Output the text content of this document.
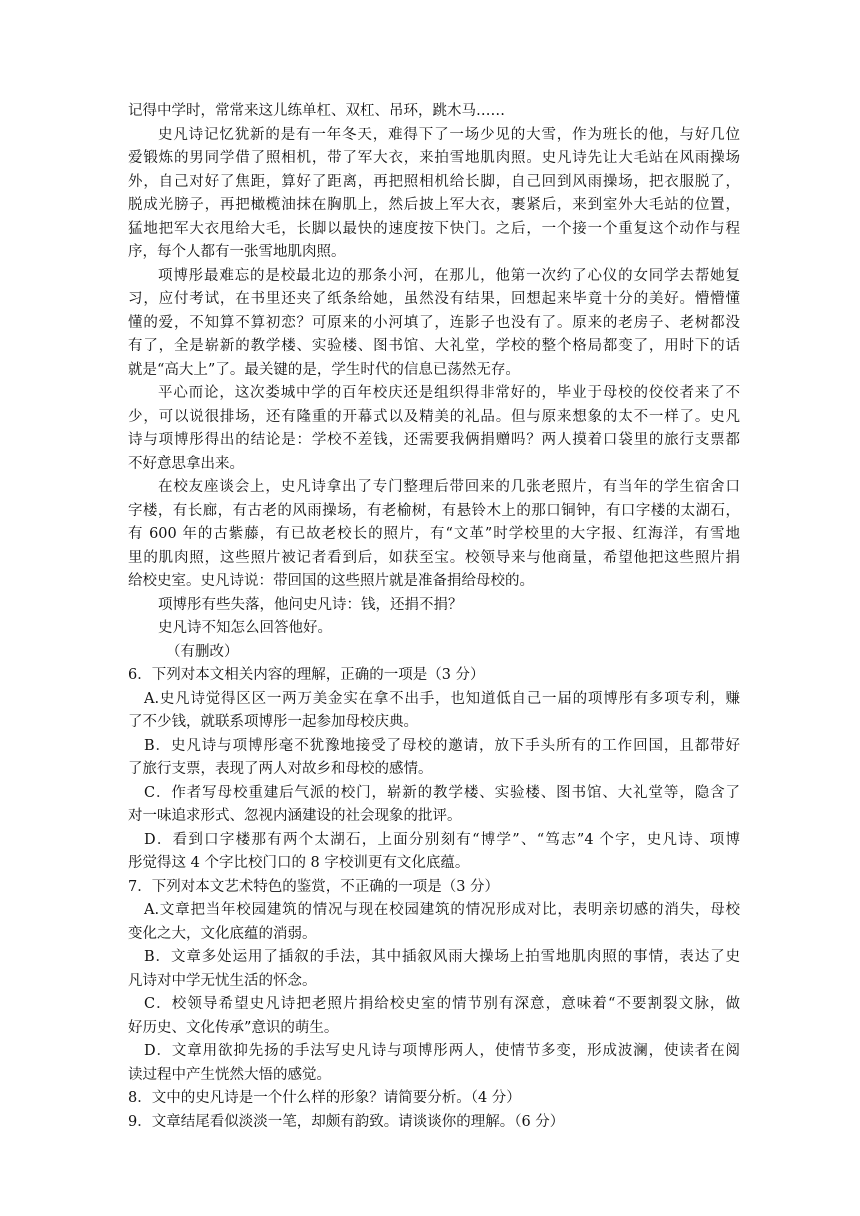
记得中学时，常常来这儿练单杠、双杠、吊环，跳木马……
史凡诗记忆犹新的是有一年冬天，难得下了一场少见的大雪，作为班长的他，与好几位
爱锻炼的男同学借了照相机，带了军大衣，来拍雪地肌肉照。史凡诗先让大毛站在风雨操场
外，自己对好了焦距，算好了距离，再把照相机给长脚，自己回到风雨操场，把衣服脱了，
脱成光膀子，再把橄榄油抹在胸肌上，然后披上军大衣，裹紧后，来到室外大毛站的位置，
猛地把军大衣甩给大毛，长脚以最快的速度按下快门。之后，一个接一个重复这个动作与程
序，每个人都有一张雪地肌肉照。
项博彤最难忘的是校最北边的那条小河，在那儿，他第一次约了心仪的女同学去帮她复
习，应付考试，在书里还夹了纸条给她，虽然没有结果，回想起来毕竟十分的美好。懵懵懂
懂的爱，不知算不算初恋？可原来的小河填了，连影子也没有了。原来的老房子、老树都没
有了，全是崭新的教学楼、实验楼、图书馆、大礼堂，学校的整个格局都变了，用时下的话
就是“高大上”了。最关键的是，学生时代的信息已荡然无存。
平心而论，这次娄城中学的百年校庆还是组织得非常好的，毕业于母校的佼佼者来了不
少，可以说很排场，还有隆重的开幕式以及精美的礼品。但与原来想象的太不一样了。史凡
诗与项博彤得出的结论是：学校不差钱，还需要我俩捐赠吗？两人摸着口袋里的旅行支票都
不好意思拿出来。
在校友座谈会上，史凡诗拿出了专门整理后带回来的几张老照片，有当年的学生宿舍口
字楼，有长廊，有古老的风雨操场，有老榆树，有悬铃木上的那口铜钟，有口字楼的太湖石，
有 600 年的古紫藤，有已故老校长的照片，有“文革”时学校里的大字报、红海洋，有雪地
里的肌肉照，这些照片被记者看到后，如获至宝。校领导来与他商量，希望他把这些照片捐
给校史室。史凡诗说：带回国的这些照片就是准备捐给母校的。
项博彤有些失落，他问史凡诗：钱，还捐不捐？
史凡诗不知怎么回答他好。
（有删改）
6．下列对本文相关内容的理解，正确的一项是（3 分）
A.史凡诗觉得区区一两万美金实在拿不出手，也知道低自己一届的项博彤有多项专利，赚
了不少钱，就联系项博彤一起参加母校庆典。
B．史凡诗与项博彤毫不犹豫地接受了母校的邀请，放下手头所有的工作回国，且都带好
了旅行支票，表现了两人对故乡和母校的感情。
C．作者写母校重建后气派的校门，崭新的教学楼、实验楼、图书馆、大礼堂等，隐含了
对一味追求形式、忽视内涵建设的社会现象的批评。
D．看到口字楼那有两个太湖石，上面分别刻有“博学”、“笃志”4 个字，史凡诗、项博
彤觉得这 4 个字比校门口的 8 字校训更有文化底蕴。
7．下列对本文艺术特色的鉴赏，不正确的一项是（3 分）
A.文章把当年校园建筑的情况与现在校园建筑的情况形成对比，表明亲切感的消失，母校
变化之大，文化底蕴的消弱。
B．文章多处运用了插叙的手法，其中插叙风雨大操场上拍雪地肌肉照的事情，表达了史
凡诗对中学无忧生活的怀念。
C．校领导希望史凡诗把老照片捐给校史室的情节别有深意，意味着“不要割裂文脉，做
好历史、文化传承”意识的萌生。
D．文章用欲抑先扬的手法写史凡诗与项博彤两人，使情节多变，形成波澜，使读者在阅
读过程中产生恍然大悟的感觉。
8．文中的史凡诗是一个什么样的形象？请简要分析。（4 分）
9．文章结尾看似淡淡一笔，却颇有韵致。请谈谈你的理解。（6 分）
